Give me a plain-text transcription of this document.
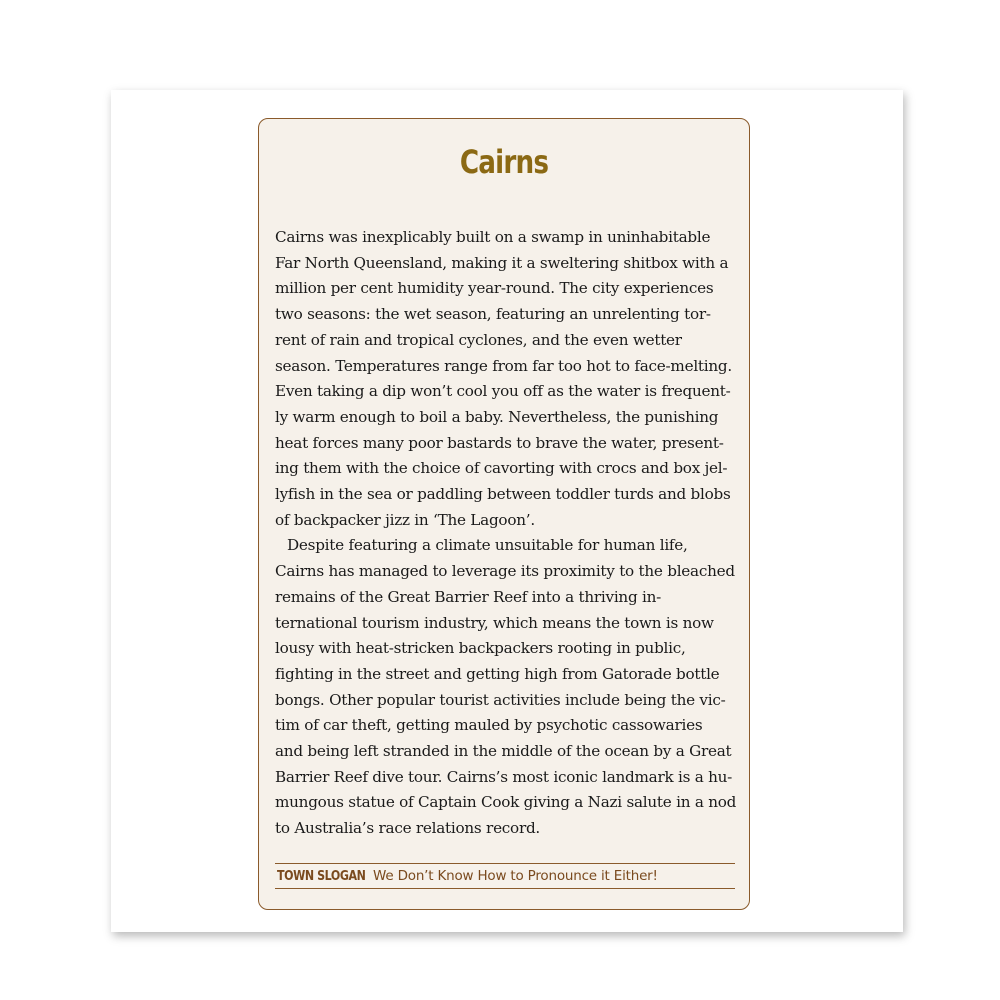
Cairns
Cairns was inexplicably built on a swamp in uninhabitable
Far North Queensland, making it a sweltering shitbox with a
million per cent humidity year-round. The city experiences
two seasons: the wet season, featuring an unrelenting tor-
rent of rain and tropical cyclones, and the even wetter
season. Temperatures range from far too hot to face-melting.
Even taking a dip won’t cool you off as the water is frequent-
ly warm enough to boil a baby. Nevertheless, the punishing
heat forces many poor bastards to brave the water, present-
ing them with the choice of cavorting with crocs and box jel-
lyfish in the sea or paddling between toddler turds and blobs
of backpacker jizz in ‘The Lagoon’.
Despite featuring a climate unsuitable for human life,
Cairns has managed to leverage its proximity to the bleached
remains of the Great Barrier Reef into a thriving in-
ternational tourism industry, which means the town is now
lousy with heat-stricken backpackers rooting in public,
fighting in the street and getting high from Gatorade bottle
bongs. Other popular tourist activities include being the vic-
tim of car theft, getting mauled by psychotic cassowaries
and being left stranded in the middle of the ocean by a Great
Barrier Reef dive tour. Cairns’s most iconic landmark is a hu-
mungous statue of Captain Cook giving a Nazi salute in a nod
to Australia’s race relations record.
TOWN SLOGAN We Don’t Know How to Pronounce it Either!
